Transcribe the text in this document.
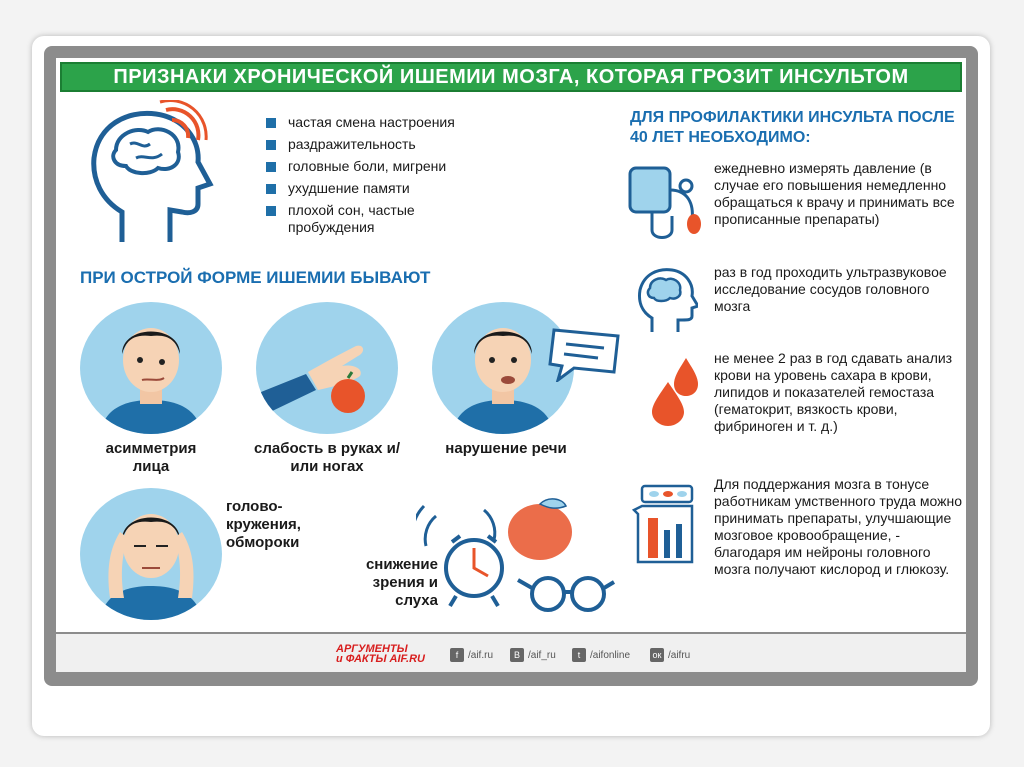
ПРИЗНАКИ ХРОНИЧЕСКОЙ ИШЕМИИ МОЗГА, КОТОРАЯ ГРОЗИТ ИНСУЛЬТОМ
частая смена настроения
раздражительность
головные боли, мигрени
ухудшение памяти
плохой сон, частые пробуждения
ПРИ ОСТРОЙ ФОРМЕ ИШЕМИИ БЫВАЮТ
асимметрия лица
слабость в руках и/или ногах
нарушение речи
голово- кружения, обмороки
снижение зрения и слуха
ДЛЯ ПРОФИЛАКТИКИ ИНСУЛЬТА ПОСЛЕ 40 ЛЕТ НЕОБХОДИМО:
ежедневно измерять давление (в случае его повышения немедленно обращаться к врачу и принимать все прописанные препараты)
раз в год проходить ультразвуковое исследование сосудов головного мозга
не менее 2 раз в год сдавать анализ крови на уровень сахара в крови, липидов и показателей гемостаза (гематокрит, вязкость крови, фибриноген и т. д.)
Для поддержания мозга в тонусе работникам умственного труда можно принимать препараты, улучшающие мозговое кровообращение, - благодаря им нейроны головного мозга получают кислород и глюкозу.
АРГУМЕНТЫ
и ФАКТЫ AIF.RU	f /aif.ru	В /aif_ru	t /aifonline ок /aifru
